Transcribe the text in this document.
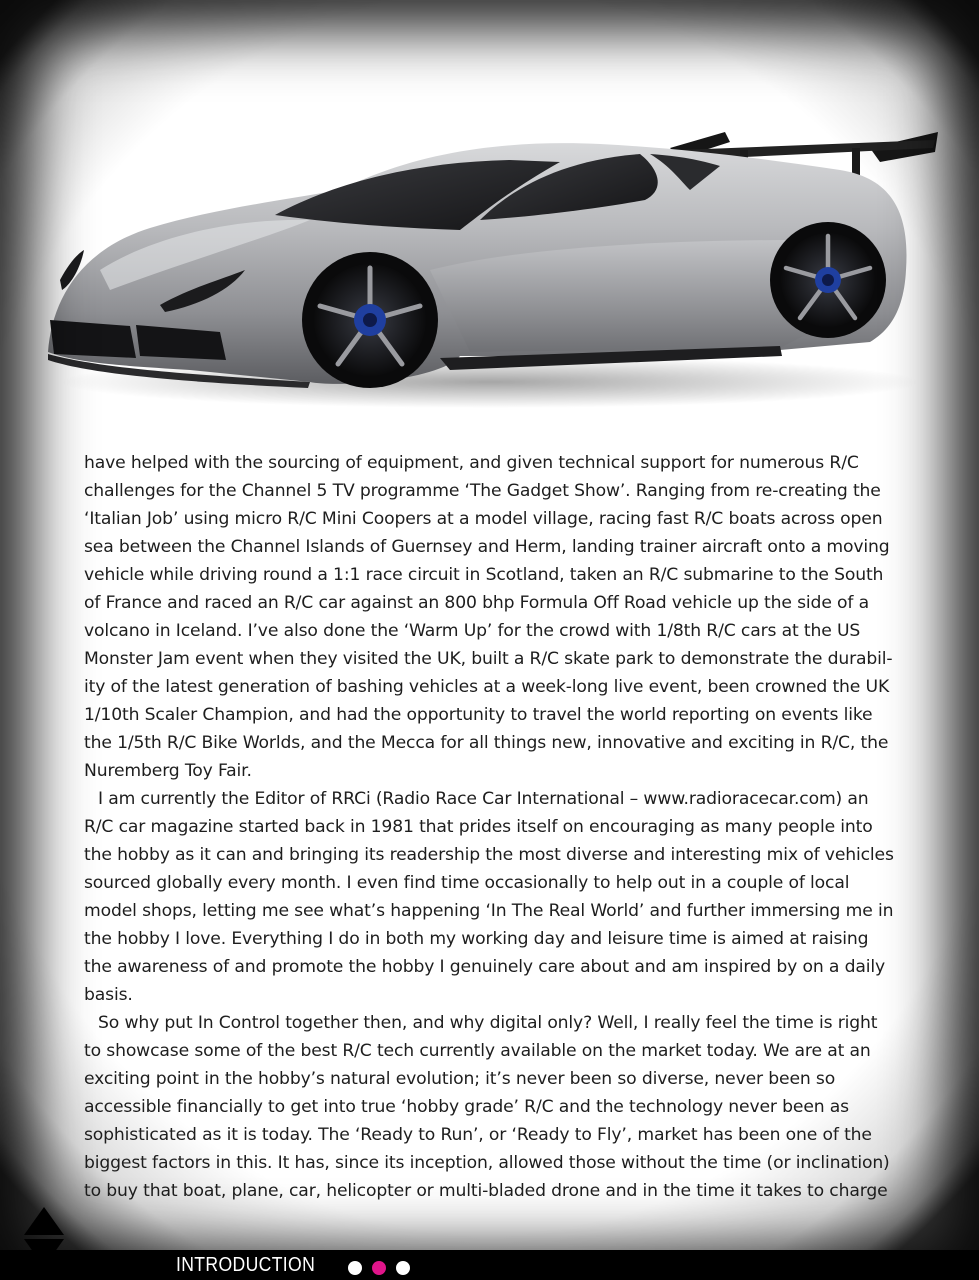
have helped with the sourcing of equipment, and given technical support for numerous R/C challenges for the Channel 5 TV programme ‘The Gadget Show’. Ranging from re-creating the ‘Italian Job’ using micro R/C Mini Coopers at a model village, racing fast R/C boats across open sea between the Channel Islands of Guernsey and Herm, landing trainer aircraft onto a moving vehicle while driving round a 1:1 race circuit in Scotland, taken an R/C submarine to the South of France and raced an R/C car against an 800 bhp Formula Off Road vehicle up the side of a volcano in Iceland. I’ve also done the ‘Warm Up’ for the crowd with 1/8th R/C cars at the US Monster Jam event when they visited the UK, built a R/C skate park to demonstrate the durabil-ity of the latest generation of bashing vehicles at a week-long live event, been crowned the UK 1/10th Scaler Champion, and had the opportunity to travel the world reporting on events like the 1/5th R/C Bike Worlds, and the Mecca for all things new, innovative and exciting in R/C, the Nuremberg Toy Fair.

I am currently the Editor of RRCi (Radio Race Car International – www.radioracecar.com) an R/C car magazine started back in 1981 that prides itself on encouraging as many people into the hobby as it can and bringing its readership the most diverse and interesting mix of vehicles sourced globally every month. I even find time occasionally to help out in a couple of local model shops, letting me see what’s happening ‘In The Real World’ and further immersing me in the hobby I love. Everything I do in both my working day and leisure time is aimed at raising the awareness of and promote the hobby I genuinely care about and am inspired by on a daily basis.

So why put In Control together then, and why digital only? Well, I really feel the time is right to showcase some of the best R/C tech currently available on the market today. We are at an exciting point in the hobby’s natural evolution; it’s never been so diverse, never been so accessible financially to get into true ‘hobby grade’ R/C and the technology never been as sophisticated as it is today. The ‘Ready to Run’, or ‘Ready to Fly’, market has been one of the biggest factors in this. It has, since its inception, allowed those without the time (or inclination) to buy that boat, plane, car, helicopter or multi-bladed drone and in the time it takes to charge

INTRODUCTION
